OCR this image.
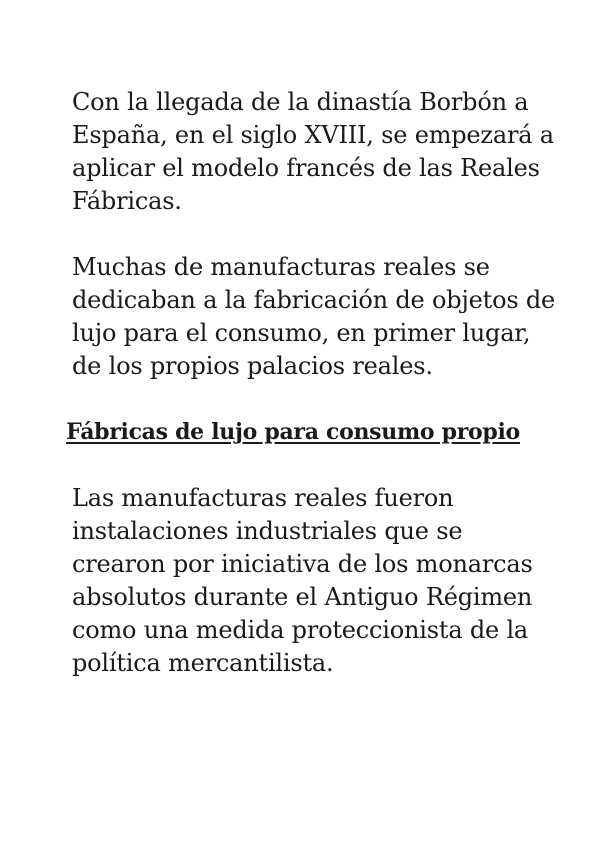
Con la llegada de la dinastía Borbón a
España, en el siglo XVIII, se empezará a
aplicar el modelo francés de las Reales
Fábricas.

Muchas de manufacturas reales se
dedicaban a la fabricación de objetos de
lujo para el consumo, en primer lugar,
de los propios palacios reales.

Fábricas de lujo para consumo propio

Las manufacturas reales fueron
instalaciones industriales que se
crearon por iniciativa de los monarcas
absolutos durante el Antiguo Régimen
como una medida proteccionista de la
política mercantilista.
